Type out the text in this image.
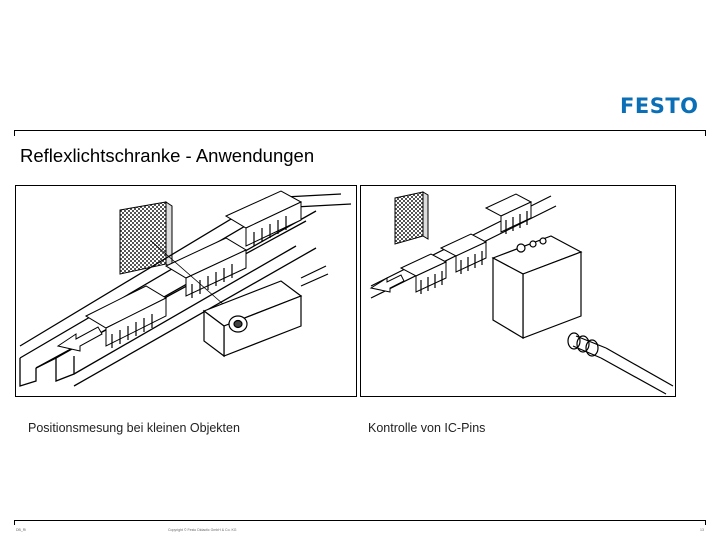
FESTO
Reflexlichtschranke - Anwendungen
Positionsmesung bei kleinen Objekten	Kontrolle von IC-Pins
DB_Ri	Copyright © Festo Didactic GmbH & Co. KG	13
